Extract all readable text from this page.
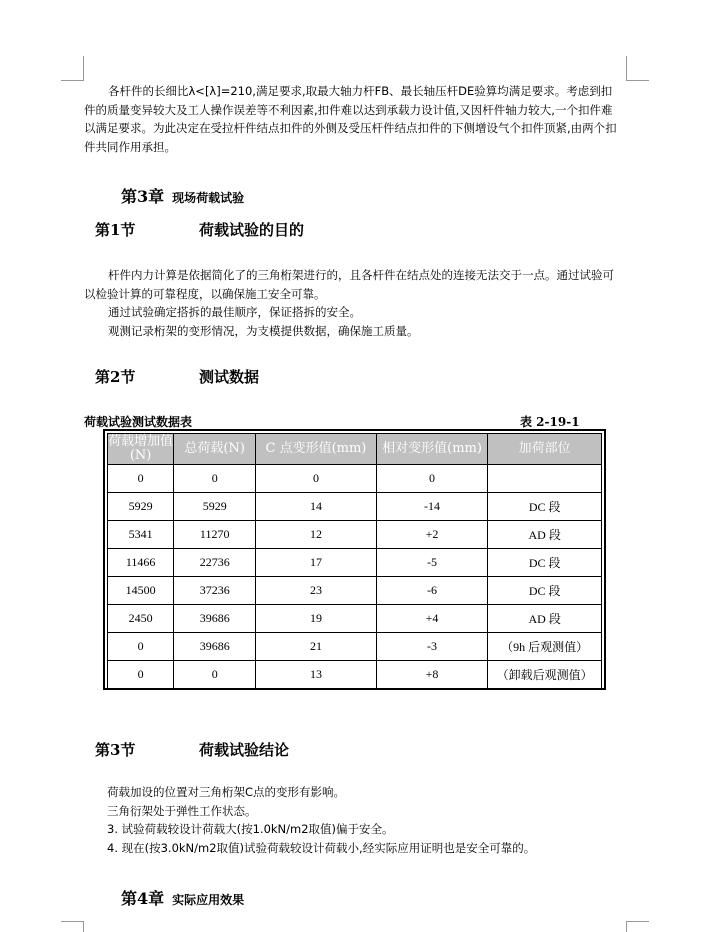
各杆件的长细比λ<[λ]=210,满足要求,取最大轴力杆FB、最长轴压杆DE验算均满足要求。考虑到扣件的质量变异较大及工人操作误差等不利因素,扣件难以达到承载力设计值,又因杆件轴力较大,一个扣件难以满足要求。为此决定在受拉杆件结点扣件的外侧及受压杆件结点扣件的下侧增设气个扣件顶紧,由两个扣件共同作用承担。

第3章 现场荷载试验
第1节	荷载试验的目的

杆件内力计算是依据简化了的三角桁架进行的，且各杆件在结点处的连接无法交于一点。通过试验可以检验计算的可靠程度，以确保施工安全可靠。

通过试验确定搭拆的最佳顺序，保证搭拆的安全。

观测记录桁架的变形情况，为支模提供数据，确保施工质量。

第2节	测试数据
荷载试验测试数据表	表 2-19-1
荷载增加值(N)	总荷载(N)	C 点变形值(mm)	相对变形值(mm)	加荷部位
0	0	0	0	
5929	5929	14	-14	DC 段
5341	11270	12	+2	AD 段
11466	22736	17	-5	DC 段
14500	37236	23	-6	DC 段
2450	39686	19	+4	AD 段
0	39686	21	-3	（9h 后观测值）
0	0	13	+8	（卸载后观测值）
第3节	荷载试验结论

荷载加设的位置对三角桁架C点的变形有影响。

三角衍架处于弹性工作状态。

3. 试验荷载较设计荷载大(按1.0kN/m2取值)偏于安全。

4. 现在(按3.0kN/m2取值)试验荷载较设计荷载小,经实际应用证明也是安全可靠的。

第4章 实际应用效果
